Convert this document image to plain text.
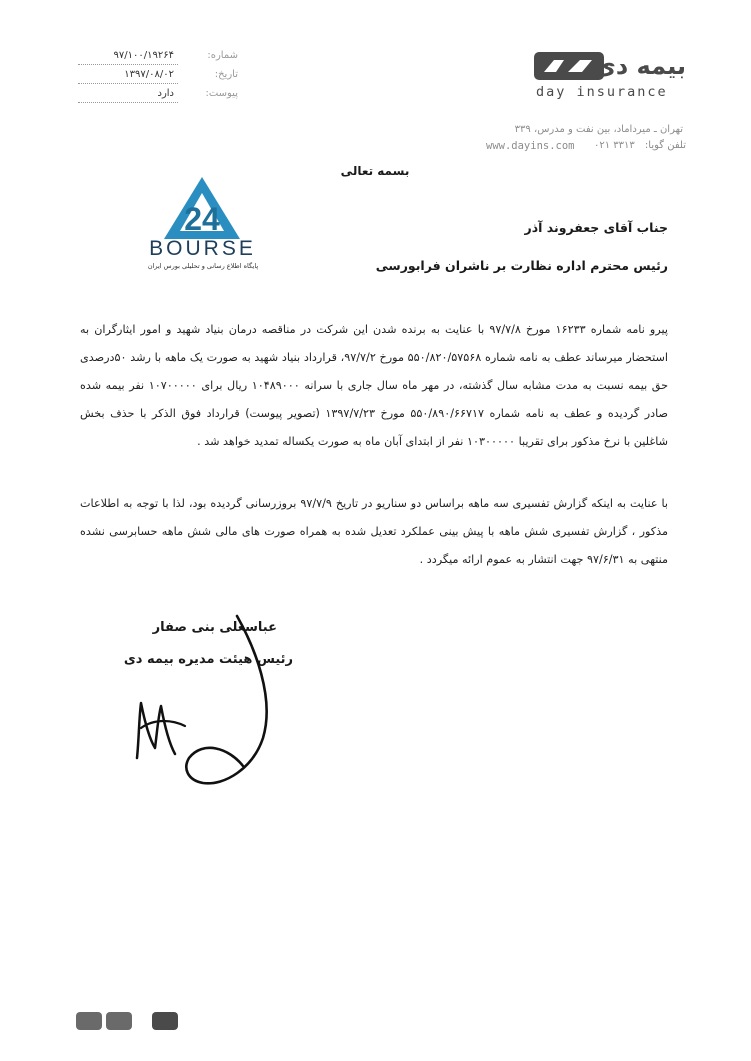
۹۷/۱۰۰/۱۹۲۶۴	شماره:
۱۳۹۷/۰۸/۰۲	تاریخ:
دارد	پیوست:
بیمه دی
day insurance
تهران ـ میرداماد، بین نفت و مدرس، ۳۳۹
www.dayins.com ۰۲۱ ۳۳۱۳ تلفن گویا:
24
BOURSE
پایگاه اطلاع رسانی و تحلیلی بورس ایران
بسمه تعالی
جناب آقای جعفروند آذر
رئیس محترم اداره نظارت بر ناشران فرابورسی
پیرو نامه شماره ۱۶۲۳۳ مورخ ۹۷/۷/۸ با عنایت به برنده شدن این شرکت در مناقصه درمان بنیاد شهید و امور ایثارگران به استحضار میرساند عطف به نامه شماره ۵۵۰/۸۲۰/۵۷۵۶۸ مورخ ۹۷/۷/۲، قرارداد بنیاد شهید به صورت یک ماهه با رشد ۵۰درصدی حق بیمه نسبت به مدت مشابه سال گذشته، در مهر ماه سال جاری با سرانه ۱۰۴۸۹۰۰۰ ریال برای ۱۰۷۰۰۰۰۰ نفر بیمه شده صادر گردیده و عطف به نامه شماره ۵۵۰/۸۹۰/۶۶۷۱۷ مورخ ۱۳۹۷/۷/۲۳ (تصویر پیوست) قرارداد فوق الذکر با حذف بخش شاغلین با نرخ مذکور برای تقریبا ۱۰۳۰۰۰۰۰ نفر از ابتدای آبان ماه به صورت یکساله تمدید خواهد شد .
با عنایت به اینکه گزارش تفسیری سه ماهه براساس دو سناریو در تاریخ ۹۷/۷/۹ بروزرسانی گردیده بود، لذا با توجه به اطلاعات مذکور ، گزارش تفسیری شش ماهه با پیش بینی عملکرد تعدیل شده به همراه صورت های مالی شش ماهه حسابرسی نشده منتهی به ۹۷/۶/۳۱ جهت انتشار به عموم ارائه میگردد .
عباسعلی بنی صفار
رئیس هیئت مدیره بیمه دی
